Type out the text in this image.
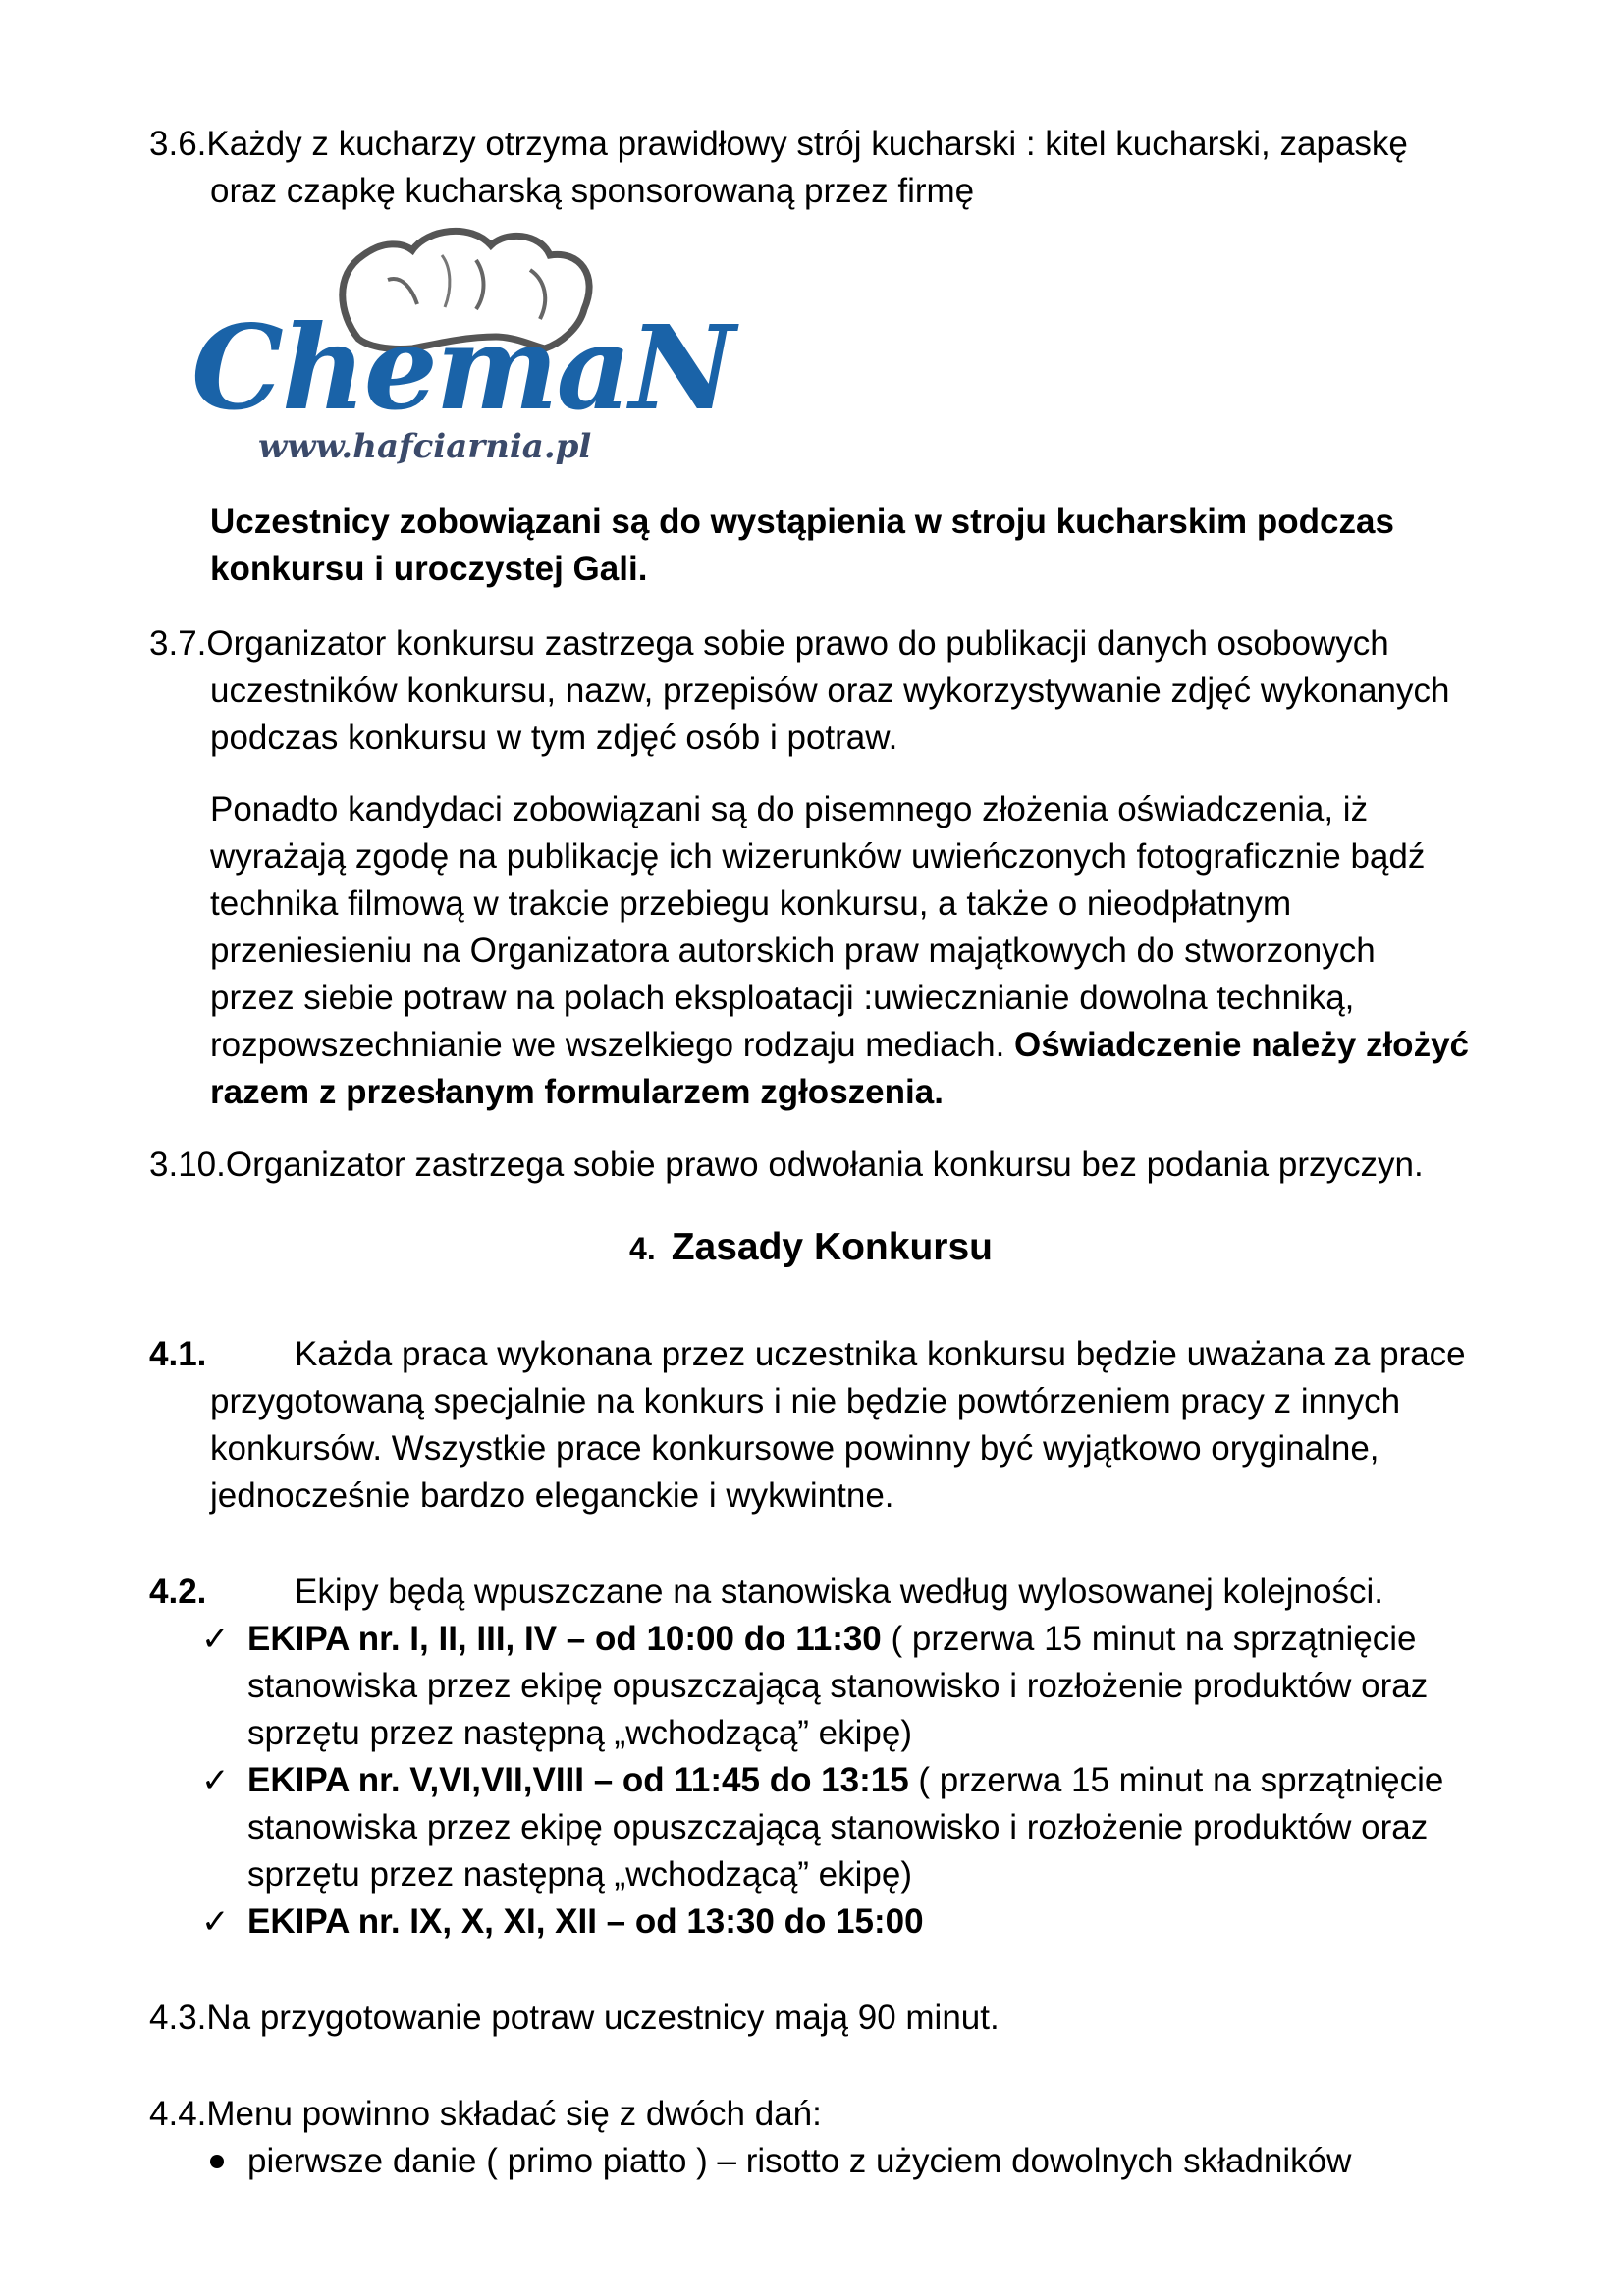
3.6.Każdy z kucharzy otrzyma prawidłowy strój kucharski : kitel kucharski, zapaskę
oraz czapkę kucharską sponsorowaną przez firmę
ChemaN
www.hafciarnia.pl
Uczestnicy zobowiązani są do wystąpienia w stroju kucharskim podczas
konkursu i uroczystej Gali.
3.7.Organizator konkursu zastrzega sobie prawo do publikacji danych osobowych
uczestników konkursu, nazw, przepisów oraz wykorzystywanie zdjęć wykonanych
podczas konkursu w tym zdjęć osób i potraw.
Ponadto kandydaci zobowiązani są do pisemnego złożenia oświadczenia, iż
wyrażają zgodę na publikację ich wizerunków uwieńczonych fotograficznie bądź
technika filmową w trakcie przebiegu konkursu, a także o nieodpłatnym
przeniesieniu na Organizatora autorskich praw majątkowych do stworzonych
przez siebie potraw na polach eksploatacji :uwiecznianie dowolna techniką,
rozpowszechnianie we wszelkiego rodzaju mediach. Oświadczenie należy złożyć
razem z przesłanym formularzem zgłoszenia.
3.10.Organizator zastrzega sobie prawo odwołania konkursu bez podania przyczyn.
4. Zasady Konkursu
4.1.	Każda praca wykonana przez uczestnika konkursu będzie uważana za prace
przygotowaną specjalnie na konkurs i nie będzie powtórzeniem pracy z innych
konkursów. Wszystkie prace konkursowe powinny być wyjątkowo oryginalne,
jednocześnie bardzo eleganckie i wykwintne.
4.2.	Ekipy będą wpuszczane na stanowiska według wylosowanej kolejności.
✓ EKIPA nr. I, II, III, IV – od 10:00 do 11:30 ( przerwa 15 minut na sprzątnięcie
stanowiska przez ekipę opuszczającą stanowisko i rozłożenie produktów oraz
sprzętu przez następną „wchodzącą” ekipę)
✓ EKIPA nr. V,VI,VII,VIII – od 11:45 do 13:15 ( przerwa 15 minut na sprzątnięcie
stanowiska przez ekipę opuszczającą stanowisko i rozłożenie produktów oraz
sprzętu przez następną „wchodzącą” ekipę)
✓ EKIPA nr. IX, X, XI, XII – od 13:30 do 15:00
4.3.Na przygotowanie potraw uczestnicy mają 90 minut.
4.4.Menu powinno składać się z dwóch dań:
pierwsze danie ( primo piatto ) – risotto z użyciem dowolnych składników
